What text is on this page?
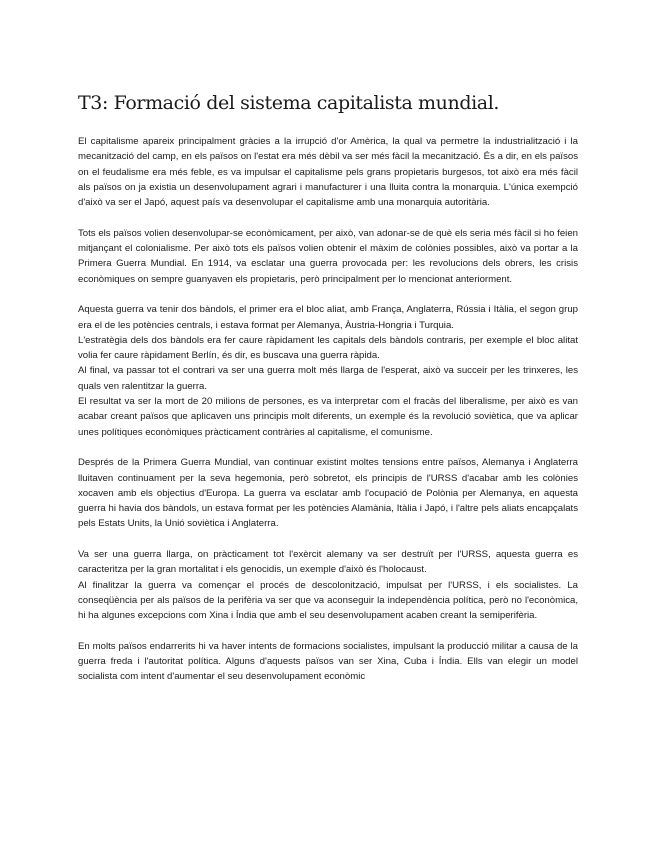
T3: Formació del sistema capitalista mundial.

El capitalisme apareix principalment gràcies a la irrupció d'or Amèrica, la qual va permetre la industrialització i la mecanització del camp, en els països on l'estat era més dèbil va ser més fàcil la mecanització. És a dir, en els països on el feudalisme era més feble, es va impulsar el capitalisme pels grans propietaris burgesos, tot això era més fàcil als països on ja existia un desenvolupament agrari i manufacturer i una lluita contra la monarquia. L'única exempció d'això va ser el Japó, aquest país va desenvolupar el capitalisme amb una monarquia autoritària.

Tots els països volien desenvolupar-se econòmicament, per això, van adonar-se de què els seria més fàcil si ho feien mitjançant el colonialisme. Per això tots els països volien obtenir el màxim de colònies possibles, això va portar a la Primera Guerra Mundial. En 1914, va esclatar una guerra provocada per: les revolucions dels obrers, les crisis econòmiques on sempre guanyaven els propietaris, però principalment per lo mencionat anteriorment.

Aquesta guerra va tenir dos bàndols, el primer era el bloc aliat, amb França, Anglaterra, Rússia i Itàlia, el segon grup era el de les potències centrals, i estava format per Alemanya, Àustria-Hongria i Turquia.

L'estratègia dels dos bàndols era fer caure ràpidament les capitals dels bàndols contraris, per exemple el bloc alitat volia fer caure ràpidament Berlín, és dir, es buscava una guerra ràpida.

Al final, va passar tot el contrari va ser una guerra molt més llarga de l'esperat, això va succeir per les trinxeres, les quals ven ralentitzar la guerra.

El resultat va ser la mort de 20 milions de persones, es va interpretar com el fracàs del liberalisme, per això es van acabar creant països que aplicaven uns principis molt diferents, un exemple és la revolució soviètica, que va aplicar unes polítiques econòmiques pràcticament contràries al capitalisme, el comunisme.

Després de la Primera Guerra Mundial, van continuar existint moltes tensions entre països, Alemanya i Anglaterra lluitaven continuament per la seva hegemonia, però sobretot, els principis de l'URSS d'acabar amb les colònies xocaven amb els objectius d'Europa. La guerra va esclatar amb l'ocupació de Polònia per Alemanya, en aquesta guerra hi havia dos bàndols, un estava format per les potències Alamània, Itàlia i Japó, i l'altre pels aliats encapçalats pels Estats Units, la Unió soviètica i Anglaterra.

Va ser una guerra llarga, on pràcticament tot l'exèrcit alemany va ser destruït per l'URSS, aquesta guerra es caracteritza per la gran mortalitat i els genocidis, un exemple d'això és l'holocaust.

Al finalitzar la guerra va començar el procés de descolonització, impulsat per l'URSS, i els socialistes. La conseqüència per als països de la perifèria va ser que va aconseguir la independència política, però no l'econòmica, hi ha algunes excepcions com Xina i Índia que amb el seu desenvolupament acaben creant la semiperifèria.

En molts països endarrerits hi va haver intents de formacions socialistes, impulsant la producció militar a causa de la guerra freda i l'autoritat política. Alguns d'aquests països van ser Xina, Cuba i Índia. Ells van elegir un model socialista com intent d'aumentar el seu desenvolupament econòmic
